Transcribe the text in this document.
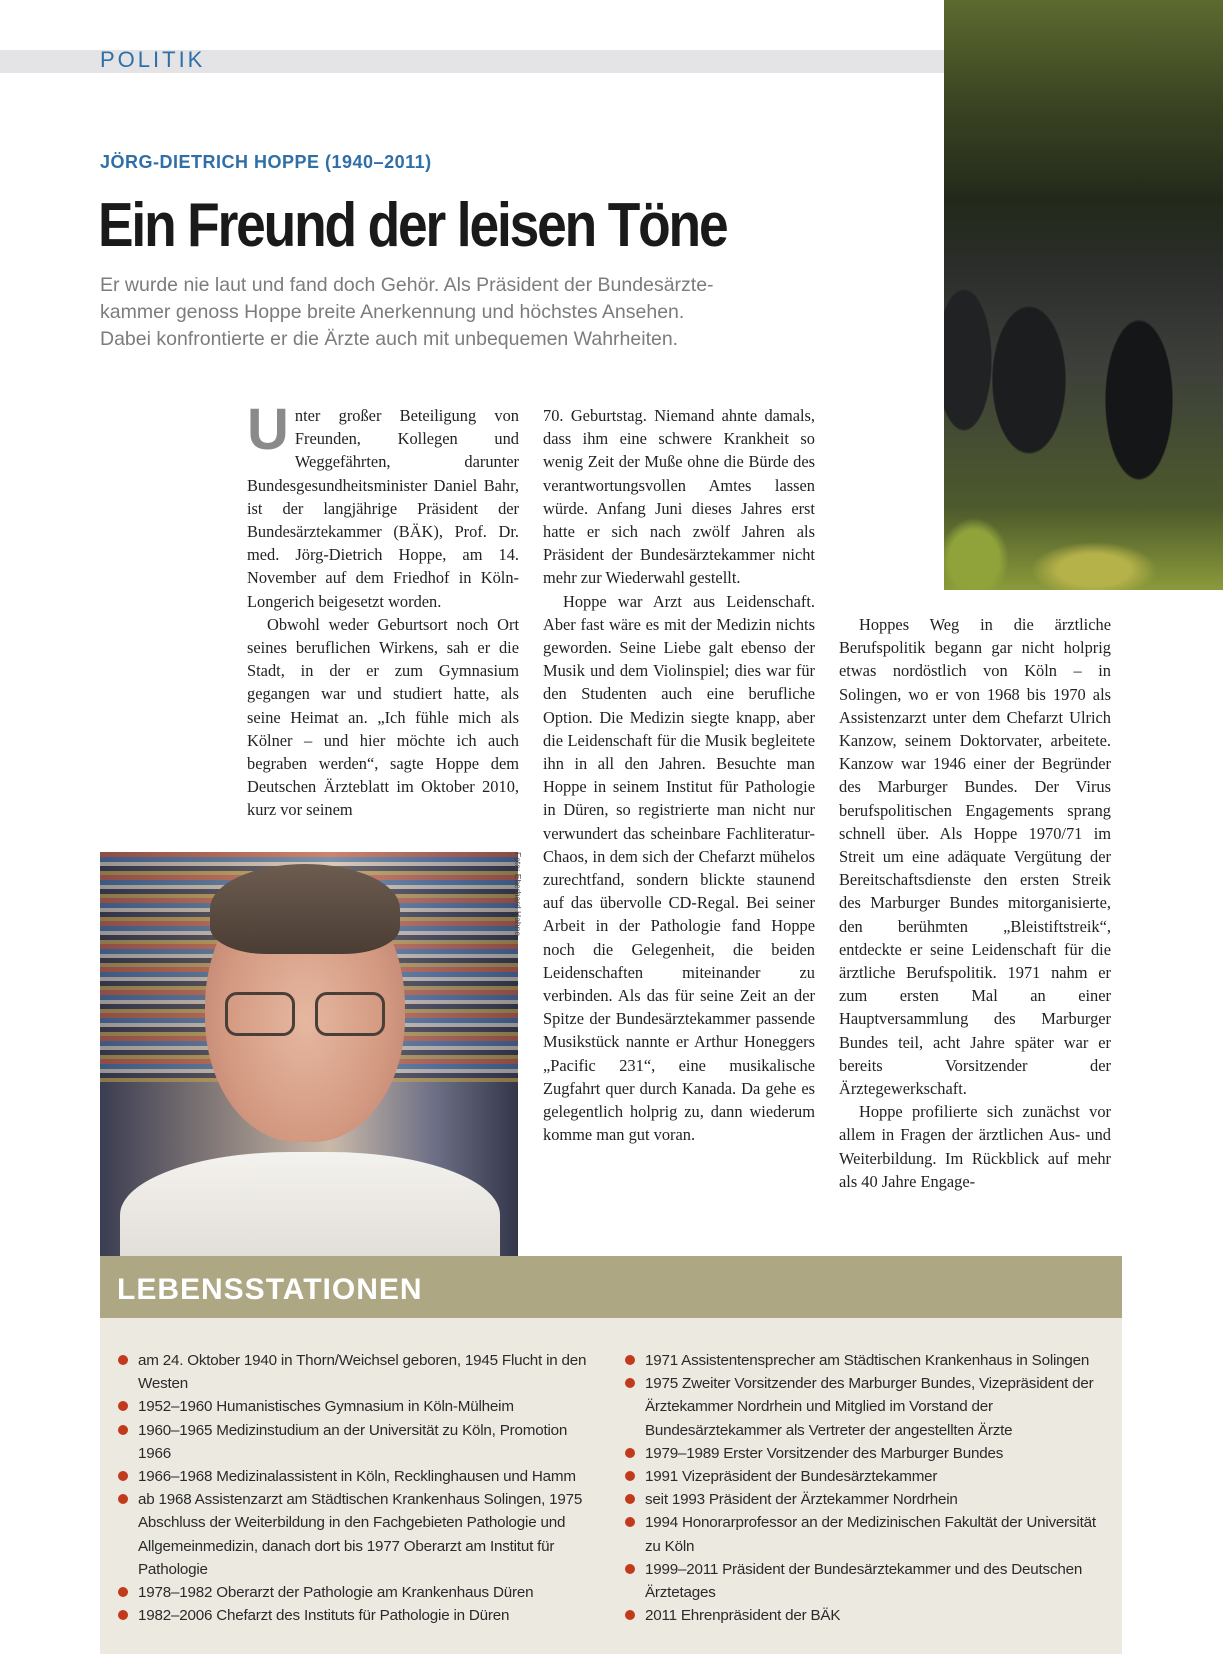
POLITIK
JÖRG-DIETRICH HOPPE (1940–2011)
Ein Freund der leisen Töne
Er wurde nie laut und fand doch Gehör. Als Präsident der Bundesärzte-
kammer genoss Hoppe breite Anerkennung und höchstes Ansehen.
Dabei konfrontierte er die Ärzte auch mit unbequemen Wahrheiten.

Unter großer Beteiligung von Freunden, Kollegen und Weggefährten, darunter Bundesgesundheitsminister Daniel Bahr, ist der langjährige Präsident der Bundesärztekammer (BÄK), Prof. Dr. med. Jörg-Dietrich Hoppe, am 14. November auf dem Friedhof in Köln-Longerich beigesetzt worden.

Obwohl weder Geburtsort noch Ort seines beruflichen Wirkens, sah er die Stadt, in der er zum Gymnasium gegangen war und studiert hatte, als seine Heimat an. „Ich fühle mich als Kölner – und hier möchte ich auch begraben werden“, sagte Hoppe dem Deutschen Ärzteblatt im Oktober 2010, kurz vor seinem

70. Geburtstag. Niemand ahnte damals, dass ihm eine schwere Krankheit so wenig Zeit der Muße ohne die Bürde des verantwortungsvollen Amtes lassen würde. Anfang Juni dieses Jahres erst hatte er sich nach zwölf Jahren als Präsident der Bundesärztekammer nicht mehr zur Wiederwahl gestellt.

Hoppe war Arzt aus Leidenschaft. Aber fast wäre es mit der Medizin nichts geworden. Seine Liebe galt ebenso der Musik und dem Violinspiel; dies war für den Studenten auch eine berufliche Option. Die Medizin siegte knapp, aber die Leidenschaft für die Musik begleitete ihn in all den Jahren. Besuchte man Hoppe in seinem Institut für Pathologie in Düren, so registrierte man nicht nur verwundert das scheinbare Fachliteratur-Chaos, in dem sich der Chefarzt mühelos zurechtfand, sondern blickte staunend auf das übervolle CD-Regal. Bei seiner Arbeit in der Pathologie fand Hoppe noch die Gelegenheit, die beiden Leidenschaften miteinander zu verbinden. Als das für seine Zeit an der Spitze der Bundesärztekammer passende Musikstück nannte er Arthur Honeggers „Pacific 231“, eine musikalische Zugfahrt quer durch Kanada. Da gehe es gelegentlich holprig zu, dann wiederum komme man gut voran.

Hoppes Weg in die ärztliche Berufspolitik begann gar nicht holprig etwas nordöstlich von Köln – in Solingen, wo er von 1968 bis 1970 als Assistenzarzt unter dem Chefarzt Ulrich Kanzow, seinem Doktorvater, arbeitete. Kanzow war 1946 einer der Begründer des Marburger Bundes. Der Virus berufspolitischen Engagements sprang schnell über. Als Hoppe 1970/71 im Streit um eine adäquate Vergütung der Bereitschaftsdienste den ersten Streik des Marburger Bundes mitorganisierte, den berühmten „Bleistiftstreik“, entdeckte er seine Leidenschaft für die ärztliche Berufspolitik. 1971 nahm er zum ersten Mal an einer Hauptversammlung des Marburger Bundes teil, acht Jahre später war er bereits Vorsitzender der Ärztegewerkschaft.

Hoppe profilierte sich zunächst vor allem in Fragen der ärztlichen Aus- und Weiterbildung. Im Rückblick auf mehr als 40 Jahre Engage-

Foto: Eberhard Hahne
LEBENSSTATIONEN
am 24. Oktober 1940 in Thorn/Weichsel geboren, 1945 Flucht in den Westen
1952–1960 Humanistisches Gymnasium in Köln-Mülheim
1960–1965 Medizinstudium an der Universität zu Köln, Promotion 1966
1966–1968 Medizinalassistent in Köln, Recklinghausen und Hamm
ab 1968 Assistenzarzt am Städtischen Krankenhaus Solingen, 1975 Abschluss der Weiterbildung in den Fachgebieten Pathologie und Allgemeinmedizin, danach dort bis 1977 Oberarzt am Institut für Pathologie
1978–1982 Oberarzt der Pathologie am Krankenhaus Düren
1982–2006 Chefarzt des Instituts für Pathologie in Düren
1971 Assistentensprecher am Städtischen Krankenhaus in Solingen
1975 Zweiter Vorsitzender des Marburger Bundes, Vizepräsident der Ärztekammer Nordrhein und Mitglied im Vorstand der Bundesärztekammer als Vertreter der angestellten Ärzte
1979–1989 Erster Vorsitzender des Marburger Bundes
1991 Vizepräsident der Bundesärztekammer
seit 1993 Präsident der Ärztekammer Nordrhein
1994 Honorarprofessor an der Medizinischen Fakultät der Universität zu Köln
1999–2011 Präsident der Bundesärztekammer und des Deutschen Ärztetages
2011 Ehrenpräsident der BÄK
